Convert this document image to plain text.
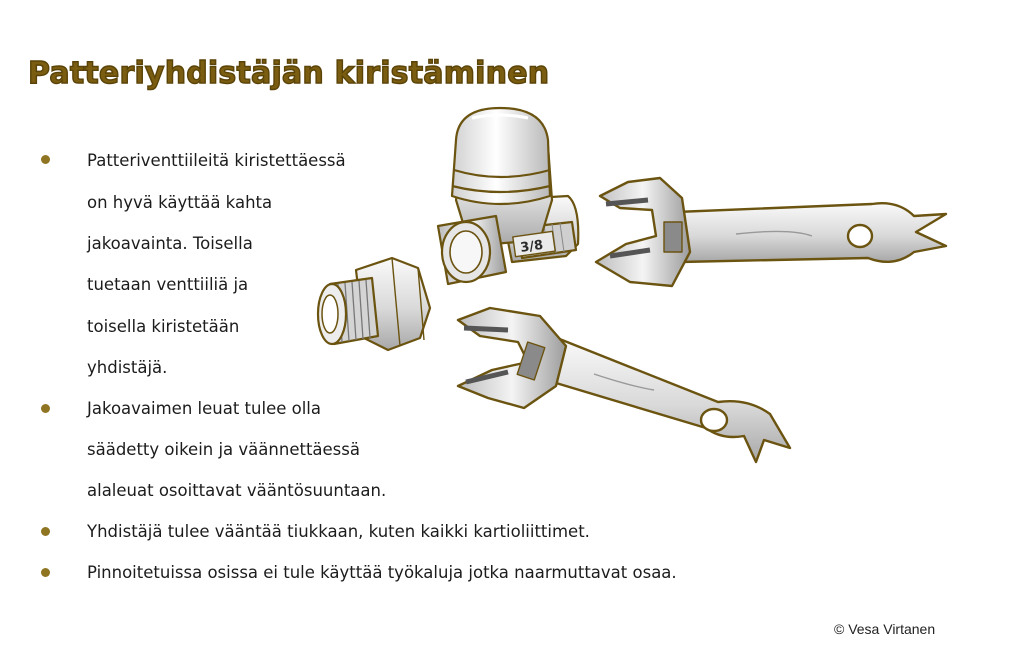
Patteriyhdistäjän kiristäminen
Patteriventtiileitä kiristettäessä
on hyvä käyttää kahta
jakoavainta. Toisella
tuetaan venttiiliä ja
toisella kiristetään
yhdistäjä.
Jakoavaimen leuat tulee olla
säädetty oikein ja väännettäessä
alaleuat osoittavat vääntösuuntaan.
Yhdistäjä tulee vääntää tiukkaan, kuten kaikki kartioliittimet.
Pinnoitetuissa osissa ei tule käyttää työkaluja jotka naarmuttavat osaa.
3/8
© Vesa Virtanen
